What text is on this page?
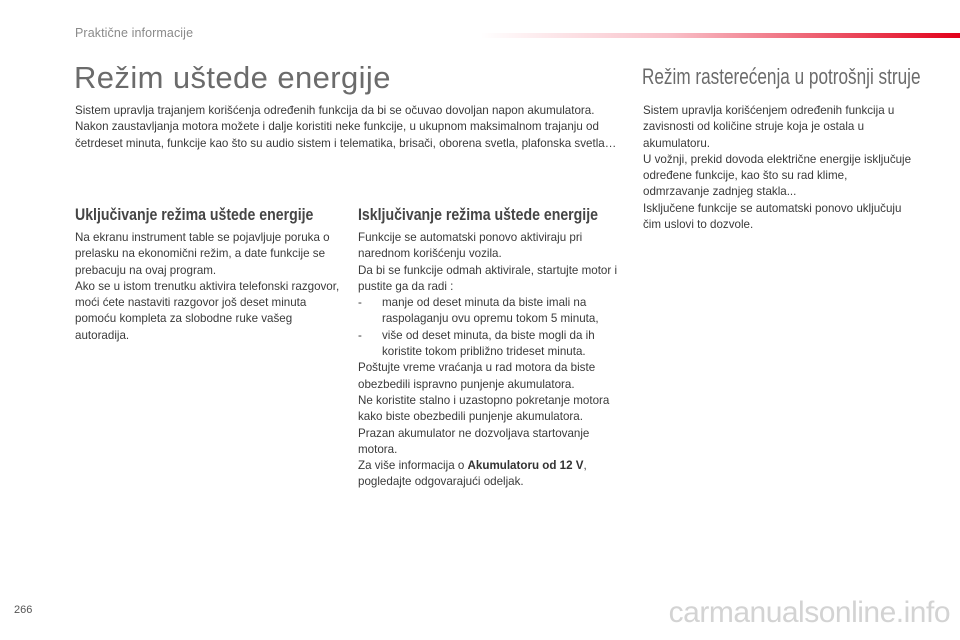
Praktične informacije
Režim uštede energije
Sistem upravlja trajanjem korišćenja određenih funkcija da bi se očuvao dovoljan napon akumulatora.
Nakon zaustavljanja motora možete i dalje koristiti neke funkcije, u ukupnom maksimalnom trajanju od četrdeset minuta, funkcije kao što su audio sistem i telematika, brisači, oborena svetla, plafonska svetla…
Uključivanje režima uštede energije
Na ekranu instrument table se pojavljuje poruka o prelasku na ekonomični režim, a date funkcije se prebacuju na ovaj program.
Ako se u istom trenutku aktivira telefonski razgovor, moći ćete nastaviti razgovor još deset minuta pomoću kompleta za slobodne ruke vašeg autoradija.
Isključivanje režima uštede energije
Funkcije se automatski ponovo aktiviraju pri narednom korišćenju vozila.
Da bi se funkcije odmah aktivirale, startujte motor i pustite ga da radi :
-	manje od deset minuta da biste imali na raspolaganju ovu opremu tokom 5 minuta,
-	više od deset minuta, da biste mogli da ih koristite tokom približno trideset minuta.
Poštujte vreme vraćanja u rad motora da biste obezbedili ispravno punjenje akumulatora.
Ne koristite stalno i uzastopno pokretanje motora kako biste obezbedili punjenje akumulatora.
Prazan akumulator ne dozvoljava startovanje motora.
Za više informacija o Akumulatoru od 12 V,
pogledajte odgovarajući odeljak.
Režim rasterećenja u potrošnji struje
Sistem upravlja korišćenjem određenih funkcija u zavisnosti od količine struje koja je ostala u akumulatoru.
U vožnji, prekid dovoda električne energije isključuje određene funkcije, kao što su rad klime, odmrzavanje zadnjeg stakla...
Isključene funkcije se automatski ponovo uključuju čim uslovi to dozvole.
266	carmanualsonline.info
